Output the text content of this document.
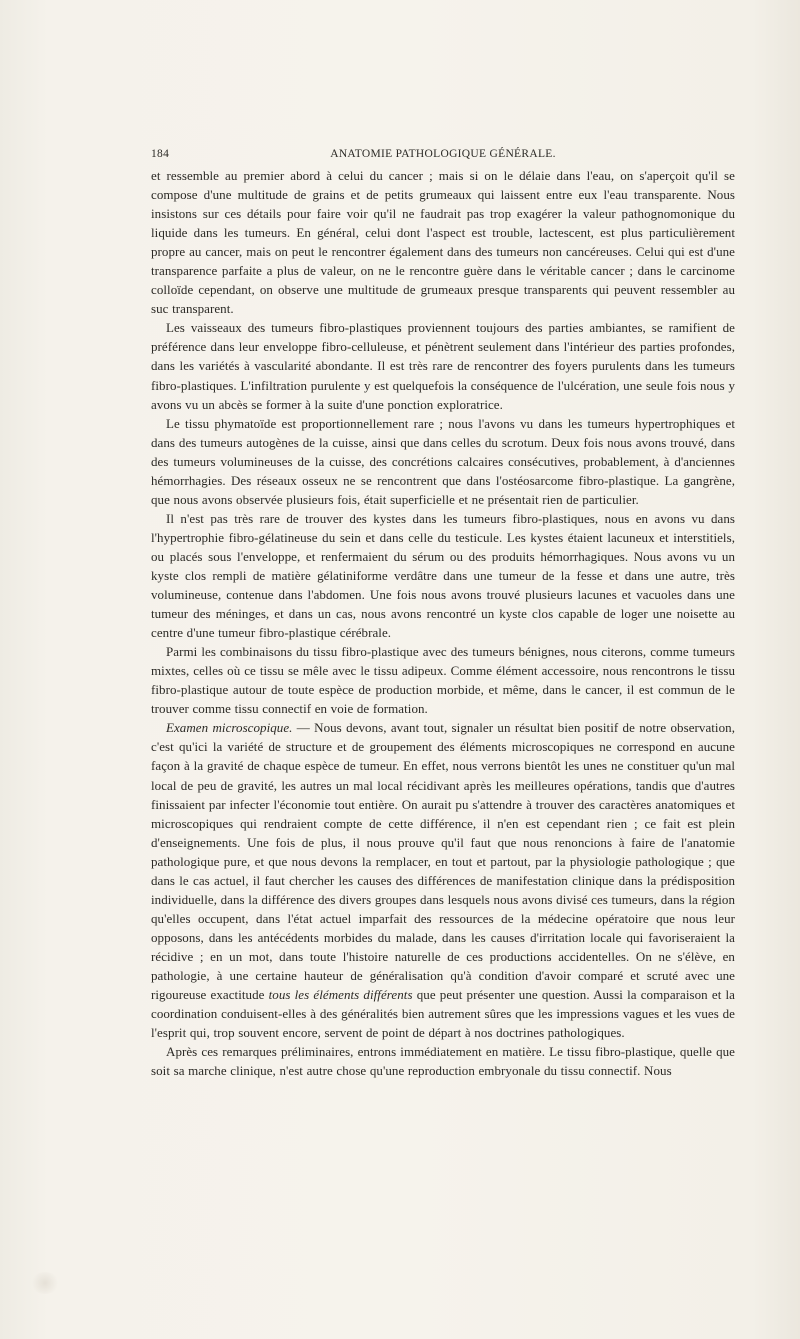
184	ANATOMIE PATHOLOGIQUE GÉNÉRALE.

et ressemble au premier abord à celui du cancer ; mais si on le délaie dans l'eau, on s'aperçoit qu'il se compose d'une multitude de grains et de petits grumeaux qui laissent entre eux l'eau transparente. Nous insistons sur ces détails pour faire voir qu'il ne faudrait pas trop exagérer la valeur pathognomonique du liquide dans les tumeurs. En général, celui dont l'aspect est trouble, lactescent, est plus particulièrement propre au cancer, mais on peut le rencontrer également dans des tumeurs non cancéreuses. Celui qui est d'une transparence parfaite a plus de valeur, on ne le rencontre guère dans le véritable cancer ; dans le carcinome colloïde cependant, on observe une multitude de grumeaux presque transparents qui peuvent ressembler au suc transparent.

Les vaisseaux des tumeurs fibro-plastiques proviennent toujours des parties ambiantes, se ramifient de préférence dans leur enveloppe fibro-celluleuse, et pénètrent seulement dans l'intérieur des parties profondes, dans les variétés à vascularité abondante. Il est très rare de rencontrer des foyers purulents dans les tumeurs fibro-plastiques. L'infiltration purulente y est quelquefois la conséquence de l'ulcération, une seule fois nous y avons vu un abcès se former à la suite d'une ponction exploratrice.

Le tissu phymatoïde est proportionnellement rare ; nous l'avons vu dans les tumeurs hypertrophiques et dans des tumeurs autogènes de la cuisse, ainsi que dans celles du scrotum. Deux fois nous avons trouvé, dans des tumeurs volumineuses de la cuisse, des concrétions calcaires consécutives, probablement, à d'anciennes hémorrhagies. Des réseaux osseux ne se rencontrent que dans l'ostéosarcome fibro-plastique. La gangrène, que nous avons observée plusieurs fois, était superficielle et ne présentait rien de particulier.

Il n'est pas très rare de trouver des kystes dans les tumeurs fibro-plastiques, nous en avons vu dans l'hypertrophie fibro-gélatineuse du sein et dans celle du testicule. Les kystes étaient lacuneux et interstitiels, ou placés sous l'enveloppe, et renfermaient du sérum ou des produits hémorrhagiques. Nous avons vu un kyste clos rempli de matière gélatiniforme verdâtre dans une tumeur de la fesse et dans une autre, très volumineuse, contenue dans l'abdomen. Une fois nous avons trouvé plusieurs lacunes et vacuoles dans une tumeur des méninges, et dans un cas, nous avons rencontré un kyste clos capable de loger une noisette au centre d'une tumeur fibro-plastique cérébrale.

Parmi les combinaisons du tissu fibro-plastique avec des tumeurs bénignes, nous citerons, comme tumeurs mixtes, celles où ce tissu se mêle avec le tissu adipeux. Comme élément accessoire, nous rencontrons le tissu fibro-plastique autour de toute espèce de production morbide, et même, dans le cancer, il est commun de le trouver comme tissu connectif en voie de formation.

Examen microscopique. — Nous devons, avant tout, signaler un résultat bien positif de notre observation, c'est qu'ici la variété de structure et de groupement des éléments microscopiques ne correspond en aucune façon à la gravité de chaque espèce de tumeur. En effet, nous verrons bientôt les unes ne constituer qu'un mal local de peu de gravité, les autres un mal local récidivant après les meilleures opérations, tandis que d'autres finissaient par infecter l'économie tout entière. On aurait pu s'attendre à trouver des caractères anatomiques et microscopiques qui rendraient compte de cette différence, il n'en est cependant rien ; ce fait est plein d'enseignements. Une fois de plus, il nous prouve qu'il faut que nous renoncions à faire de l'anatomie pathologique pure, et que nous devons la remplacer, en tout et partout, par la physiologie pathologique ; que dans le cas actuel, il faut chercher les causes des différences de manifestation clinique dans la prédisposition individuelle, dans la différence des divers groupes dans lesquels nous avons divisé ces tumeurs, dans la région qu'elles occupent, dans l'état actuel imparfait des ressources de la médecine opératoire que nous leur opposons, dans les antécédents morbides du malade, dans les causes d'irritation locale qui favoriseraient la récidive ; en un mot, dans toute l'histoire naturelle de ces productions accidentelles. On ne s'élève, en pathologie, à une certaine hauteur de généralisation qu'à condition d'avoir comparé et scruté avec une rigoureuse exactitude tous les éléments différents que peut présenter une question. Aussi la comparaison et la coordination conduisent-elles à des généralités bien autrement sûres que les impressions vagues et les vues de l'esprit qui, trop souvent encore, servent de point de départ à nos doctrines pathologiques.

Après ces remarques préliminaires, entrons immédiatement en matière. Le tissu fibro-plastique, quelle que soit sa marche clinique, n'est autre chose qu'une reproduction embryonale du tissu connectif. Nous
